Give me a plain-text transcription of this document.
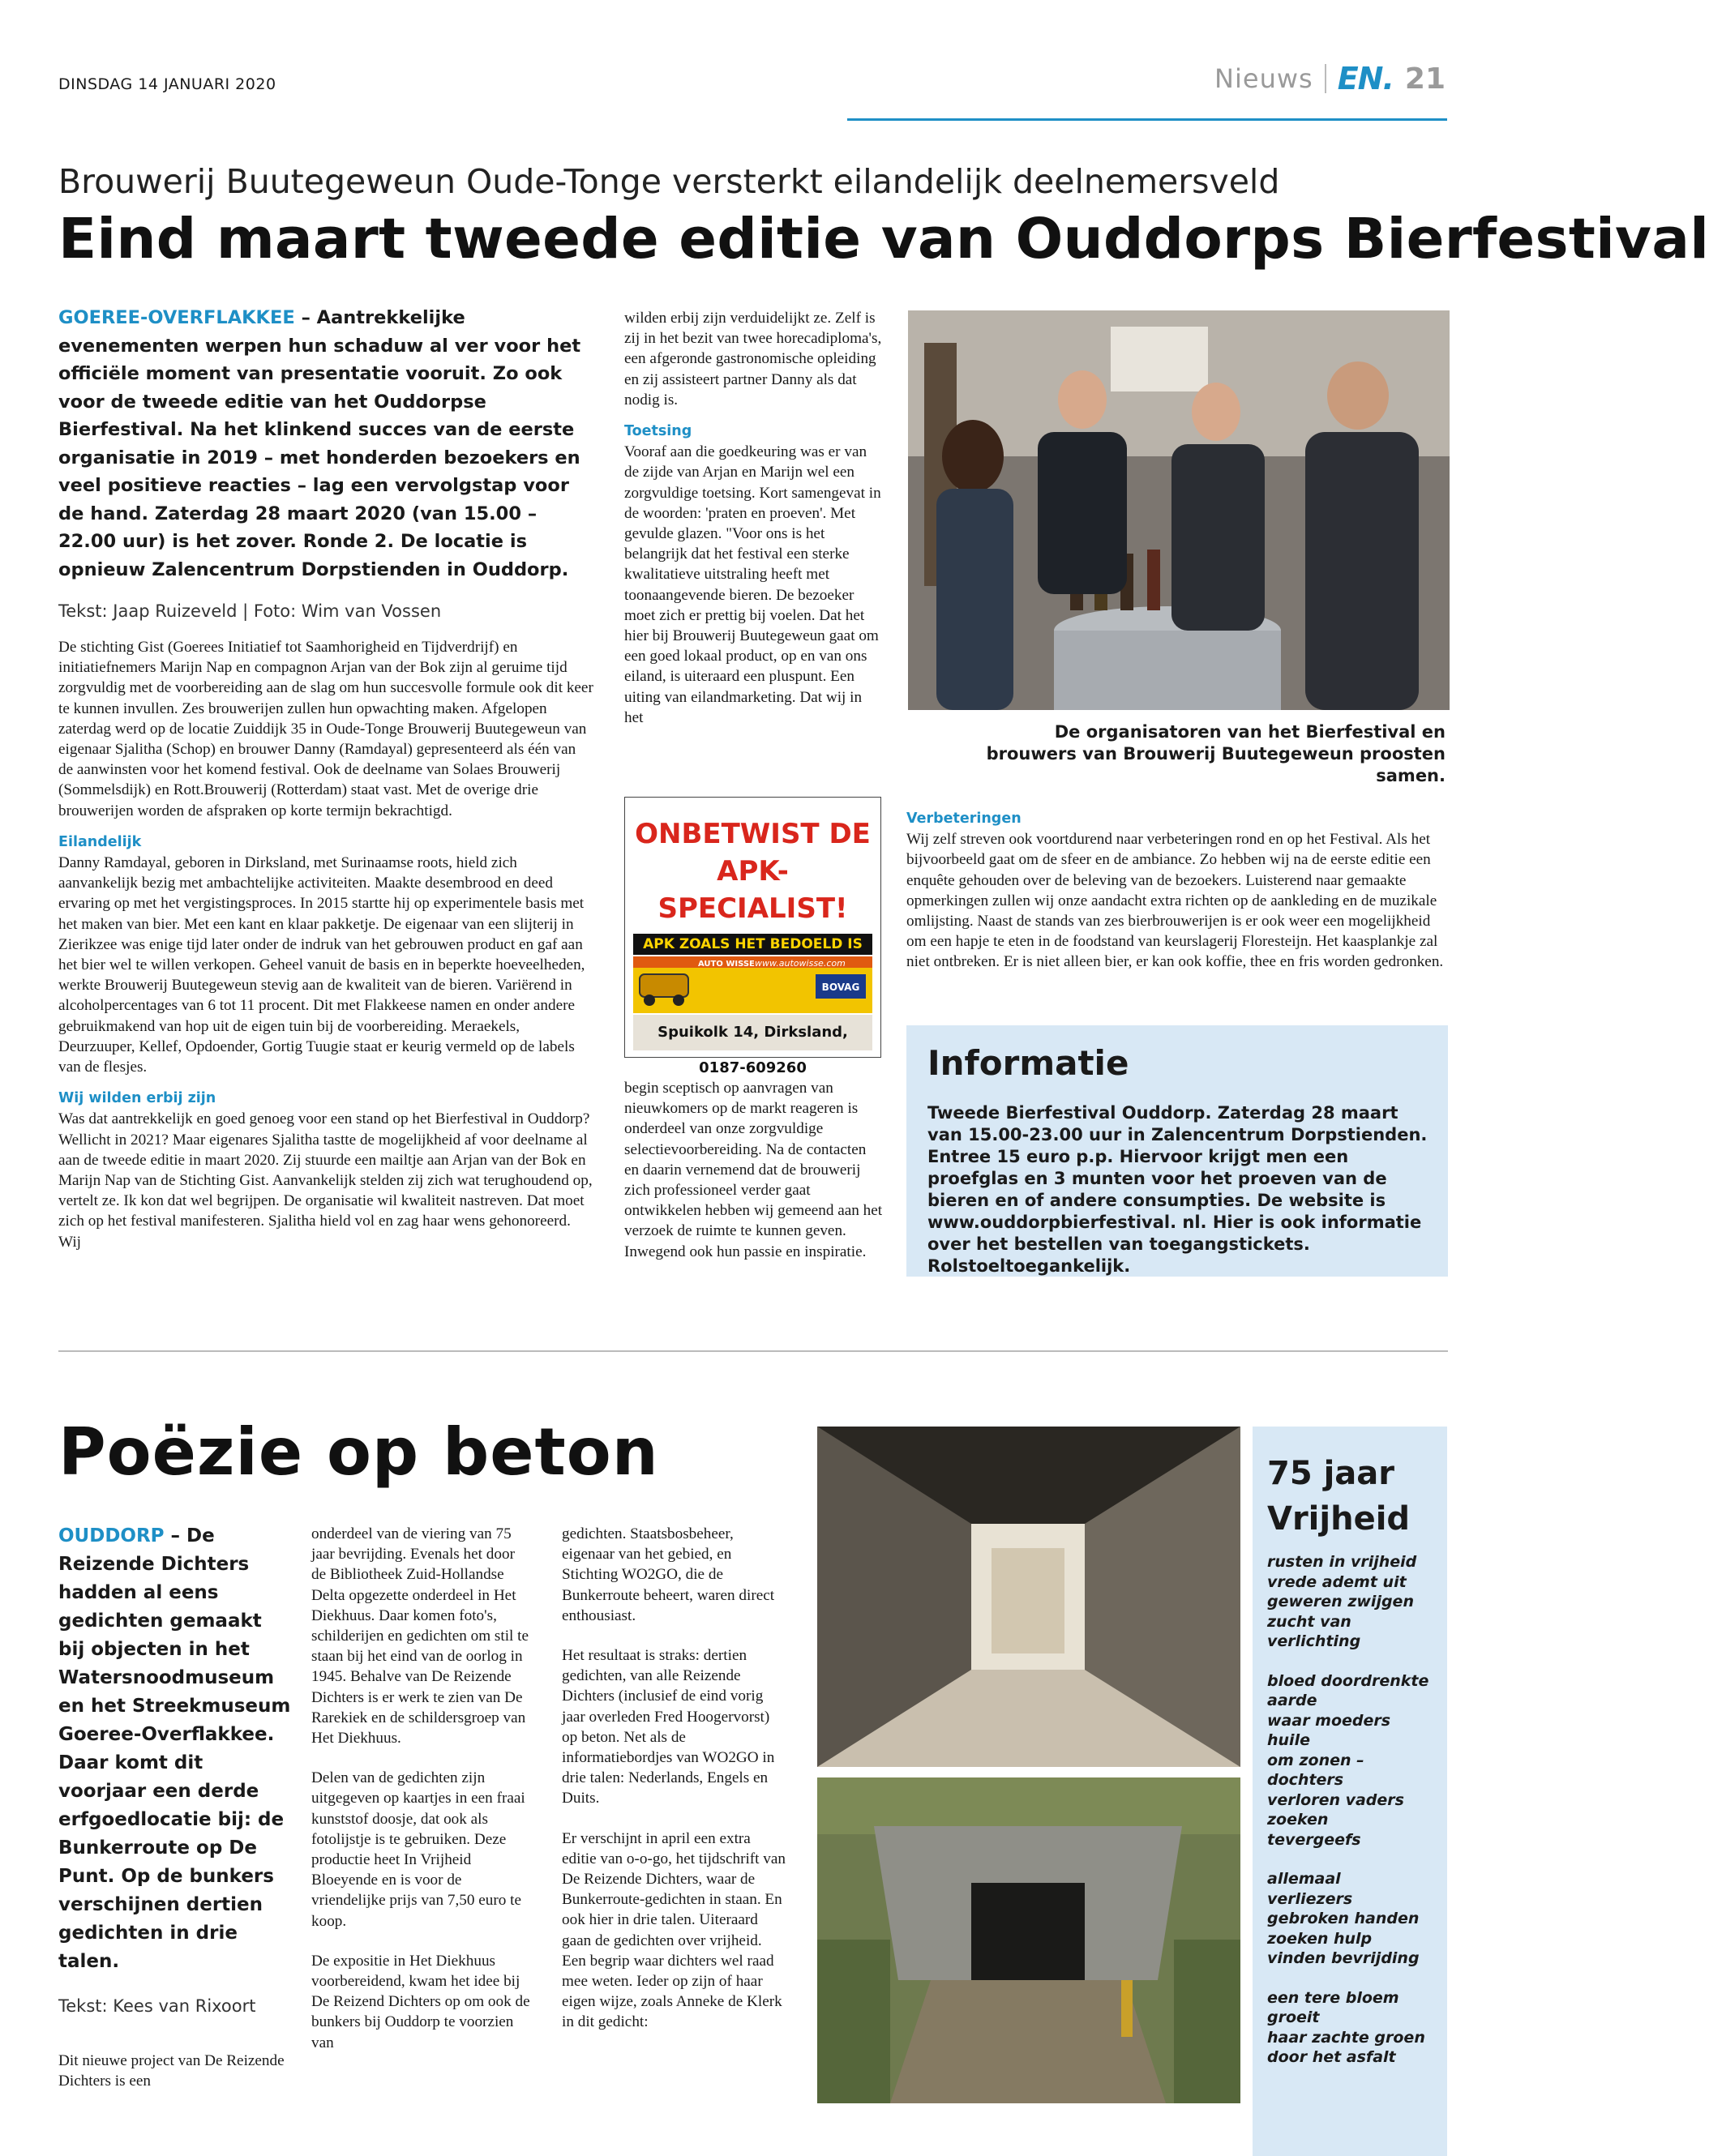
DINSDAG 14 JANUARI 2020	Nieuws EN. 21
Brouwerij Buutegeweun Oude-Tonge versterkt eilandelijk deelnemersveld
Eind maart tweede editie van Ouddorps Bierfestival
GOEREE-OVERFLAKKEE – Aantrekkelijke evenementen werpen hun schaduw al ver voor het officiële moment van presentatie vooruit. Zo ook voor de tweede editie van het Ouddorpse Bierfestival. Na het klinkend succes van de eerste organisatie in 2019 – met honderden bezoekers en veel positieve reacties – lag een vervolgstap voor de hand. Zaterdag 28 maart 2020 (van 15.00 – 22.00 uur) is het zover. Ronde 2. De locatie is opnieuw Zalencentrum Dorpstienden in Ouddorp.
Tekst: Jaap Ruizeveld | Foto: Wim van Vossen

De stichting Gist (Goerees Initiatief tot Saamhorigheid en Tijdverdrijf) en initiatiefnemers Marijn Nap en compagnon Arjan van der Bok zijn al geruime tijd zorgvuldig met de voorbereiding aan de slag om hun succesvolle formule ook dit keer te kunnen invullen. Zes brouwerijen zullen hun opwachting maken. Afgelopen zaterdag werd op de locatie Zuiddijk 35 in Oude-Tonge Brouwerij Buutegeweun van eigenaar Sjalitha (Schop) en brouwer Danny (Ramdayal) gepresenteerd als één van de aanwinsten voor het komend festival. Ook de deelname van Solaes Brouwerij (Sommelsdijk) en Rott.Brouwerij (Rotterdam) staat vast. Met de overige drie brouwerijen worden de afspraken op korte termijn bekrachtigd.

Eilandelijk

Danny Ramdayal, geboren in Dirksland, met Surinaamse roots, hield zich aanvankelijk bezig met ambachtelijke activiteiten. Maakte desembrood en deed ervaring op met het vergistingsproces. In 2015 startte hij op experimentele basis met het maken van bier. Met een kant en klaar pakketje. De eigenaar van een slijterij in Zierikzee was enige tijd later onder de indruk van het gebrouwen product en gaf aan het bier wel te willen verkopen. Geheel vanuit de basis en in beperkte hoeveelheden, werkte Brouwerij Buutegeweun stevig aan de kwaliteit van de bieren. Variërend in alcoholpercentages van 6 tot 11 procent. Dit met Flakkeese namen en onder andere gebruikmakend van hop uit de eigen tuin bij de voorbereiding. Meraekels, Deurzuuper, Kellef, Opdoender, Gortig Tuugie staat er keurig vermeld op de labels van de flesjes.

Wij wilden erbij zijn

Was dat aantrekkelijk en goed genoeg voor een stand op het Bierfestival in Ouddorp? Wellicht in 2021? Maar eigenares Sjalitha tastte de mogelijkheid af voor deelname al aan de tweede editie in maart 2020. Zij stuurde een mailtje aan Arjan van der Bok en Marijn Nap van de Stichting Gist. Aanvankelijk stelden zij zich wat terughoudend op, vertelt ze. Ik kon dat wel begrijpen. De organisatie wil kwaliteit nastreven. Dat moet zich op het festival manifesteren. Sjalitha hield vol en zag haar wens gehonoreerd. Wij

wilden erbij zijn verduidelijkt ze. Zelf is zij in het bezit van twee horecadiploma's, een afgeronde gastronomische opleiding en zij assisteert partner Danny als dat nodig is.

Toetsing

Vooraf aan die goedkeuring was er van de zijde van Arjan en Marijn wel een zorgvuldige toetsing. Kort samengevat in de woorden: 'praten en proeven'. Met gevulde glazen. "Voor ons is het belangrijk dat het festival een sterke kwalitatieve uitstraling heeft met toonaangevende bieren. De bezoeker moet zich er prettig bij voelen. Dat het hier bij Brouwerij Buutegeweun gaat om een goed lokaal product, op en van ons eiland, is uiteraard een pluspunt. Een uiting van eilandmarketing. Dat wij in het

ONBETWIST DE
APK-SPECIALIST!
APK ZOALS HET BEDOELD IS
AUTO WISSE www.autowisse.com
BOVAG
Spuikolk 14, Dirksland, 0187-609260

begin sceptisch op aanvragen van nieuwkomers op de markt reageren is onderdeel van onze zorgvuldige selectievoorbereiding. Na de contacten en daarin vernemend dat de brouwerij zich professioneel verder gaat ontwikkelen hebben wij gemeend aan het verzoek de ruimte te kunnen geven. Inwegend ook hun passie en inspiratie.

De organisatoren van het Bierfestival en brouwers van Brouwerij Buutegeweun proosten samen.

Verbeteringen

Wij zelf streven ook voortdurend naar verbeteringen rond en op het Festival. Als het bijvoorbeeld gaat om de sfeer en de ambiance. Zo hebben wij na de eerste editie een enquête gehouden over de beleving van de bezoekers. Luisterend naar gemaakte opmerkingen zullen wij onze aandacht extra richten op de aankleding en de muzikale omlijsting. Naast de stands van zes bierbrouwerijen is er ook weer een mogelijkheid om een hapje te eten in de foodstand van keurslagerij Floresteijn. Het kaasplankje zal niet ontbreken. Er is niet alleen bier, er kan ook koffie, thee en fris worden gedronken.

Informatie
Tweede Bierfestival Ouddorp. Zaterdag 28 maart van 15.00-23.00 uur in Zalencentrum Dorpstienden. Entree 15 euro p.p. Hiervoor krijgt men een proefglas en 3 munten voor het proeven van de bieren en of andere consumpties. De website is www.ouddorpbierfestival. nl. Hier is ook informatie over het bestellen van toegangstickets. Rolstoeltoegankelijk.
Poëzie op beton
OUDDORP – De Reizende Dichters hadden al eens gedichten gemaakt bij objecten in het Watersnoodmuseum en het Streekmuseum Goeree-Overflakkee. Daar komt dit voorjaar een derde erfgoedlocatie bij: de Bunkerroute op De Punt. Op de bunkers verschijnen dertien gedichten in drie talen.
Tekst: Kees van Rixoort

Dit nieuwe project van De Reizende Dichters is een

onderdeel van de viering van 75 jaar bevrijding. Evenals het door de Bibliotheek Zuid-Hollandse Delta opgezette onderdeel in Het Diekhuus. Daar komen foto's, schilderijen en gedichten om stil te staan bij het eind van de oorlog in 1945. Behalve van De Reizende Dichters is er werk te zien van De Rarekiek en de schildersgroep van Het Diekhuus.

Delen van de gedichten zijn uitgegeven op kaartjes in een fraai kunststof doosje, dat ook als fotolijstje is te gebruiken. Deze productie heet In Vrijheid Bloeyende en is voor de vriendelijke prijs van 7,50 euro te koop.

De expositie in Het Diekhuus voorbereidend, kwam het idee bij De Reizend Dichters op om ook de bunkers bij Ouddorp te voorzien van

gedichten. Staatsbosbeheer, eigenaar van het gebied, en Stichting WO2GO, die de Bunkerroute beheert, waren direct enthousiast.

Het resultaat is straks: dertien gedichten, van alle Reizende Dichters (inclusief de eind vorig jaar overleden Fred Hoogervorst) op beton. Net als de informatiebordjes van WO2GO in drie talen: Nederlands, Engels en Duits.

Er verschijnt in april een extra editie van o-o-go, het tijdschrift van De Reizende Dichters, waar de Bunkerroute-gedichten in staan. En ook hier in drie talen. Uiteraard gaan de gedichten over vrijheid. Een begrip waar dichters wel raad mee weten. Ieder op zijn of haar eigen wijze, zoals Anneke de Klerk in dit gedicht:

75 jaar
Vrijheid
rusten in vrijheid
vrede ademt uit
geweren zwijgen
zucht van
verlichting
bloed doordrenkte
aarde
waar moeders
huile
om zonen –
dochters
verloren vaders
zoeken
tevergeefs
allemaal
verliezers
gebroken handen
zoeken hulp
vinden bevrijding
een tere bloem
groeit
haar zachte groen
door het asfalt
